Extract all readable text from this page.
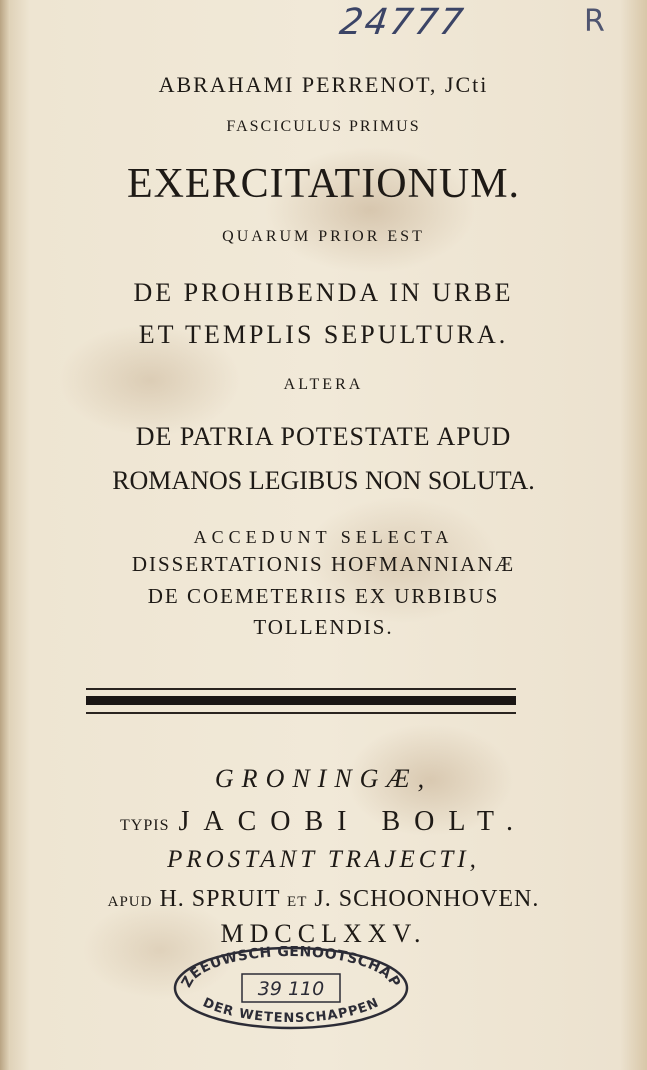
24777	R
ABRAHAMI PERRENOT, JCti
FASCICULUS PRIMUS
EXERCITATIONUM.
QUARUM PRIOR EST
DE PROHIBENDA IN URBE
ET TEMPLIS SEPULTURA.
ALTERA
DE PATRIA POTESTATE APUD
ROMANOS LEGIBUS NON SOLUTA.
ACCEDUNT SELECTA
DISSERTATIONIS HOFMANNIANÆ
DE COEMETERIIS EX URBIBUS
TOLLENDIS.
GRONINGÆ,
TYPIS JACOBI BOLT.
PROSTANT TRAJECTI,
APUD H. SPRUIT ET J. SCHOONHOVEN.
MDCCLXXV.
ZEEUWSCH GENOOTSCHAP
DER WETENSCHAPPEN
39 110
